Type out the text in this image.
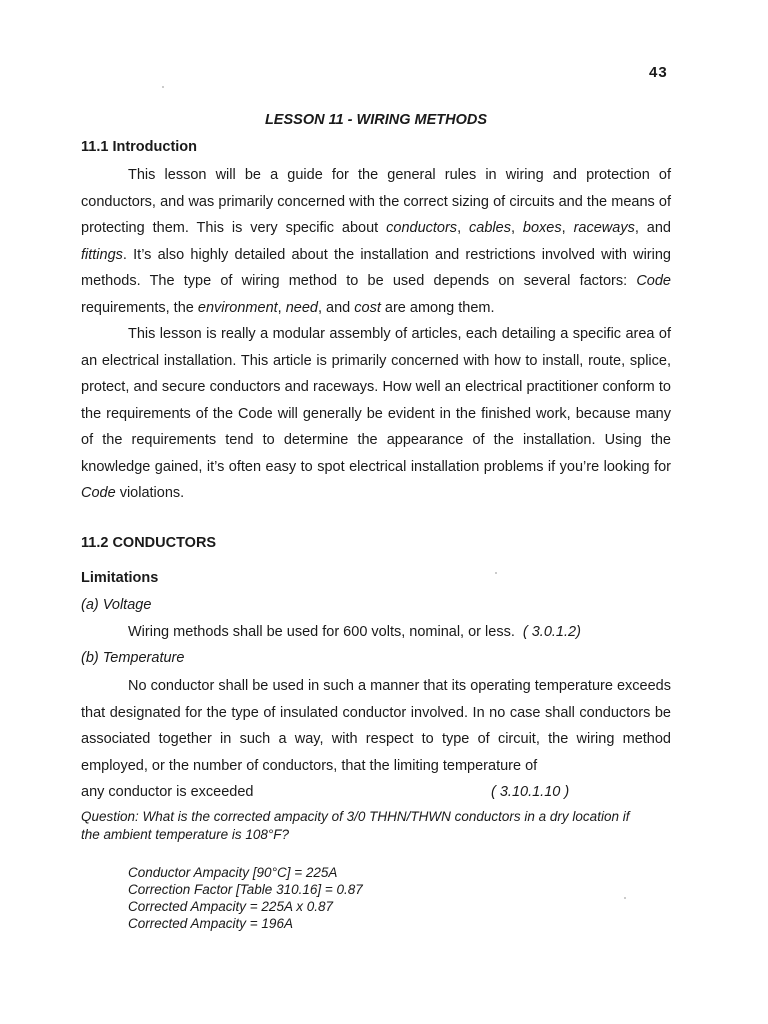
43
LESSON 11 - WIRING METHODS
11.1 Introduction
This lesson will be a guide for the general rules in wiring and protection of conductors, and was primarily concerned with the correct sizing of circuits and the means of protecting them. This is very specific about conductors, cables, boxes, raceways, and fittings. It’s also highly detailed about the installation and restrictions involved with wiring methods. The type of wiring method to be used depends on several factors: Code requirements, the environment, need, and cost are among them.
This lesson is really a modular assembly of articles, each detailing a specific area of an electrical installation. This article is primarily concerned with how to install, route, splice, protect, and secure conductors and raceways. How well an electrical practitioner conform to the requirements of the Code will generally be evident in the finished work, because many of the requirements tend to determine the appearance of the installation. Using the knowledge gained, it’s often easy to spot electrical installation problems if you’re looking for Code violations.
11.2 CONDUCTORS
Limitations
(a) Voltage
Wiring methods shall be used for 600 volts, nominal, or less. ( 3.0.1.2)
(b) Temperature
No conductor shall be used in such a manner that its operating temperature exceeds that designated for the type of insulated conductor involved. In no case shall conductors be associated together in such a way, with respect to type of circuit, the wiring method employed, or the number of conductors, that the limiting temperature of
any conductor is exceeded	( 3.10.1.10 )
Question: What is the corrected ampacity of 3/0 THHN/THWN conductors in a dry location if the ambient temperature is 108°F?
Conductor Ampacity [90°C] = 225A
Correction Factor [Table 310.16] = 0.87
Corrected Ampacity = 225A x 0.87
Corrected Ampacity = 196A
